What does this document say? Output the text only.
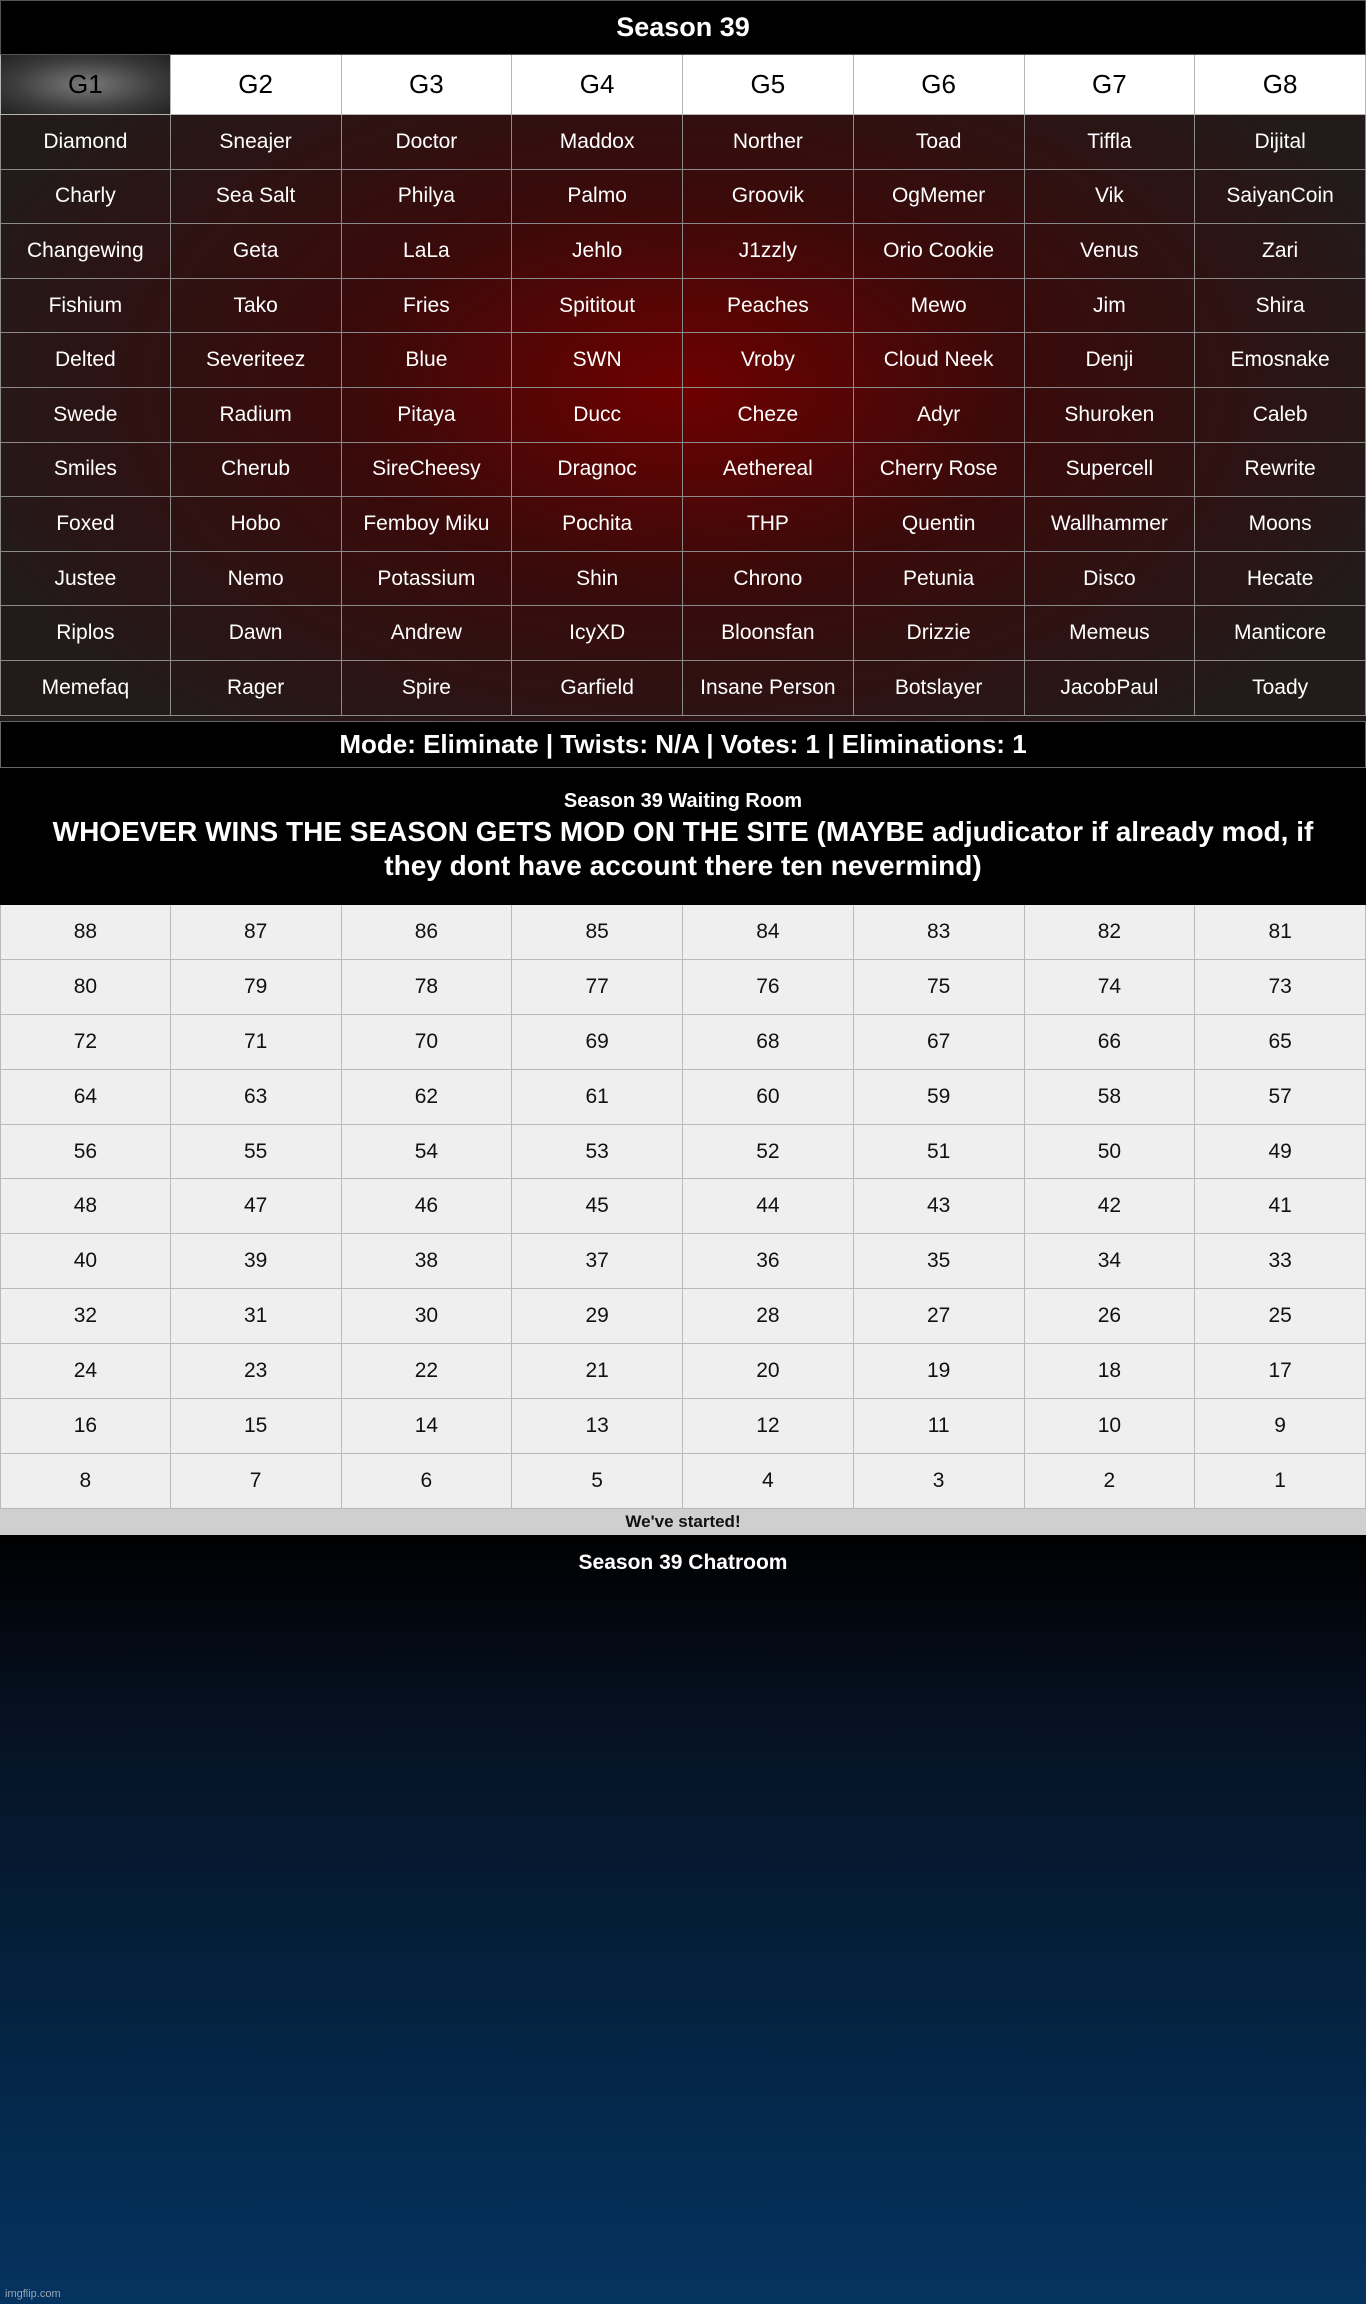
Season 39
G1	G2	G3	G4	G5	G6	G7	G8
Diamond	Sneajer	Doctor	Maddox	Norther	Toad	Tiffla	Dijital
Charly	Sea Salt	Philya	Palmo	Groovik	OgMemer	Vik	SaiyanCoin
Changewing	Geta	LaLa	Jehlo	J1zzly	Orio Cookie	Venus	Zari
Fishium	Tako	Fries	Spititout	Peaches	Mewo	Jim	Shira
Delted	Severiteez	Blue	SWN	Vroby	Cloud Neek	Denji	Emosnake
Swede	Radium	Pitaya	Ducc	Cheze	Adyr	Shuroken	Caleb
Smiles	Cherub	SireCheesy	Dragnoc	Aethereal	Cherry Rose	Supercell	Rewrite
Foxed	Hobo	Femboy Miku	Pochita	THP	Quentin	Wallhammer	Moons
Justee	Nemo	Potassium	Shin	Chrono	Petunia	Disco	Hecate
Riplos	Dawn	Andrew	IcyXD	Bloonsfan	Drizzie	Memeus	Manticore
Memefaq	Rager	Spire	Garfield	Insane Person	Botslayer	JacobPaul	Toady
Mode: Eliminate | Twists: N/A | Votes: 1 | Eliminations: 1
Season 39 Waiting Room
WHOEVER WINS THE SEASON GETS MOD ON THE SITE (MAYBE adjudicator if already mod, if they dont have account there ten nevermind)
88	87	86	85	84	83	82	81
80	79	78	77	76	75	74	73
72	71	70	69	68	67	66	65
64	63	62	61	60	59	58	57
56	55	54	53	52	51	50	49
48	47	46	45	44	43	42	41
40	39	38	37	36	35	34	33
32	31	30	29	28	27	26	25
24	23	22	21	20	19	18	17
16	15	14	13	12	11	10	9
8	7	6	5	4	3	2	1
We've started!
Season 39 Chatroom
imgflip.com
